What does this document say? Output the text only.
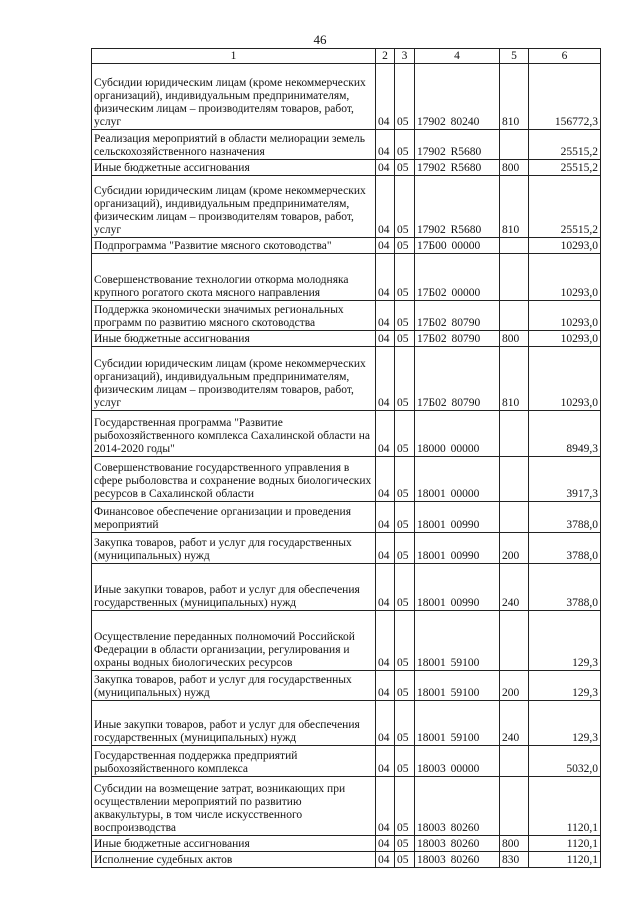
46
1	2	3	4	5	6
Субсидии юридическим лицам (кроме некоммерческих организаций), индивидуальным предпринимателям, физическим лицам – производителям товаров, работ, услуг	04	05	17902 80240	810	156772,3
Реализация мероприятий в области мелиорации земель сельскохозяйственного назначения	04	05	17902 R5680		25515,2
Иные бюджетные ассигнования	04	05	17902 R5680	800	25515,2
Субсидии юридическим лицам (кроме некоммерческих организаций), индивидуальным предпринимателям, физическим лицам – производителям товаров, работ, услуг	04	05	17902 R5680	810	25515,2
Подпрограмма "Развитие мясного скотоводства"	04	05	17Б00 00000		10293,0
Совершенствование технологии откорма молодняка крупного рогатого скота мясного направления	04	05	17Б02 00000		10293,0
Поддержка экономически значимых региональных программ по развитию мясного скотоводства	04	05	17Б02 80790		10293,0
Иные бюджетные ассигнования	04	05	17Б02 80790	800	10293,0
Субсидии юридическим лицам (кроме некоммерческих организаций), индивидуальным предпринимателям, физическим лицам – производителям товаров, работ, услуг	04	05	17Б02 80790	810	10293,0
Государственная программа "Развитие рыбохозяйственного комплекса Сахалинской области на 2014-2020 годы"	04	05	18000 00000		8949,3
Совершенствование государственного управления в сфере рыболовства и сохранение водных биологических ресурсов в Сахалинской области	04	05	18001 00000		3917,3
Финансовое обеспечение организации и проведения мероприятий	04	05	18001 00990		3788,0
Закупка товаров, работ и услуг для государственных (муниципальных) нужд	04	05	18001 00990	200	3788,0
Иные закупки товаров, работ и услуг для обеспечения государственных (муниципальных) нужд	04	05	18001 00990	240	3788,0
Осуществление переданных полномочий Российской Федерации в области организации, регулирования и охраны водных биологических ресурсов	04	05	18001 59100		129,3
Закупка товаров, работ и услуг для государственных (муниципальных) нужд	04	05	18001 59100	200	129,3
Иные закупки товаров, работ и услуг для обеспечения государственных (муниципальных) нужд	04	05	18001 59100	240	129,3
Государственная поддержка предприятий рыбохозяйственного комплекса	04	05	18003 00000		5032,0
Субсидии на возмещение затрат, возникающих при осуществлении мероприятий по развитию аквакультуры, в том числе искусственного воспроизводства	04	05	18003 80260		1120,1
Иные бюджетные ассигнования	04	05	18003 80260	800	1120,1
Исполнение судебных актов	04	05	18003 80260	830	1120,1
